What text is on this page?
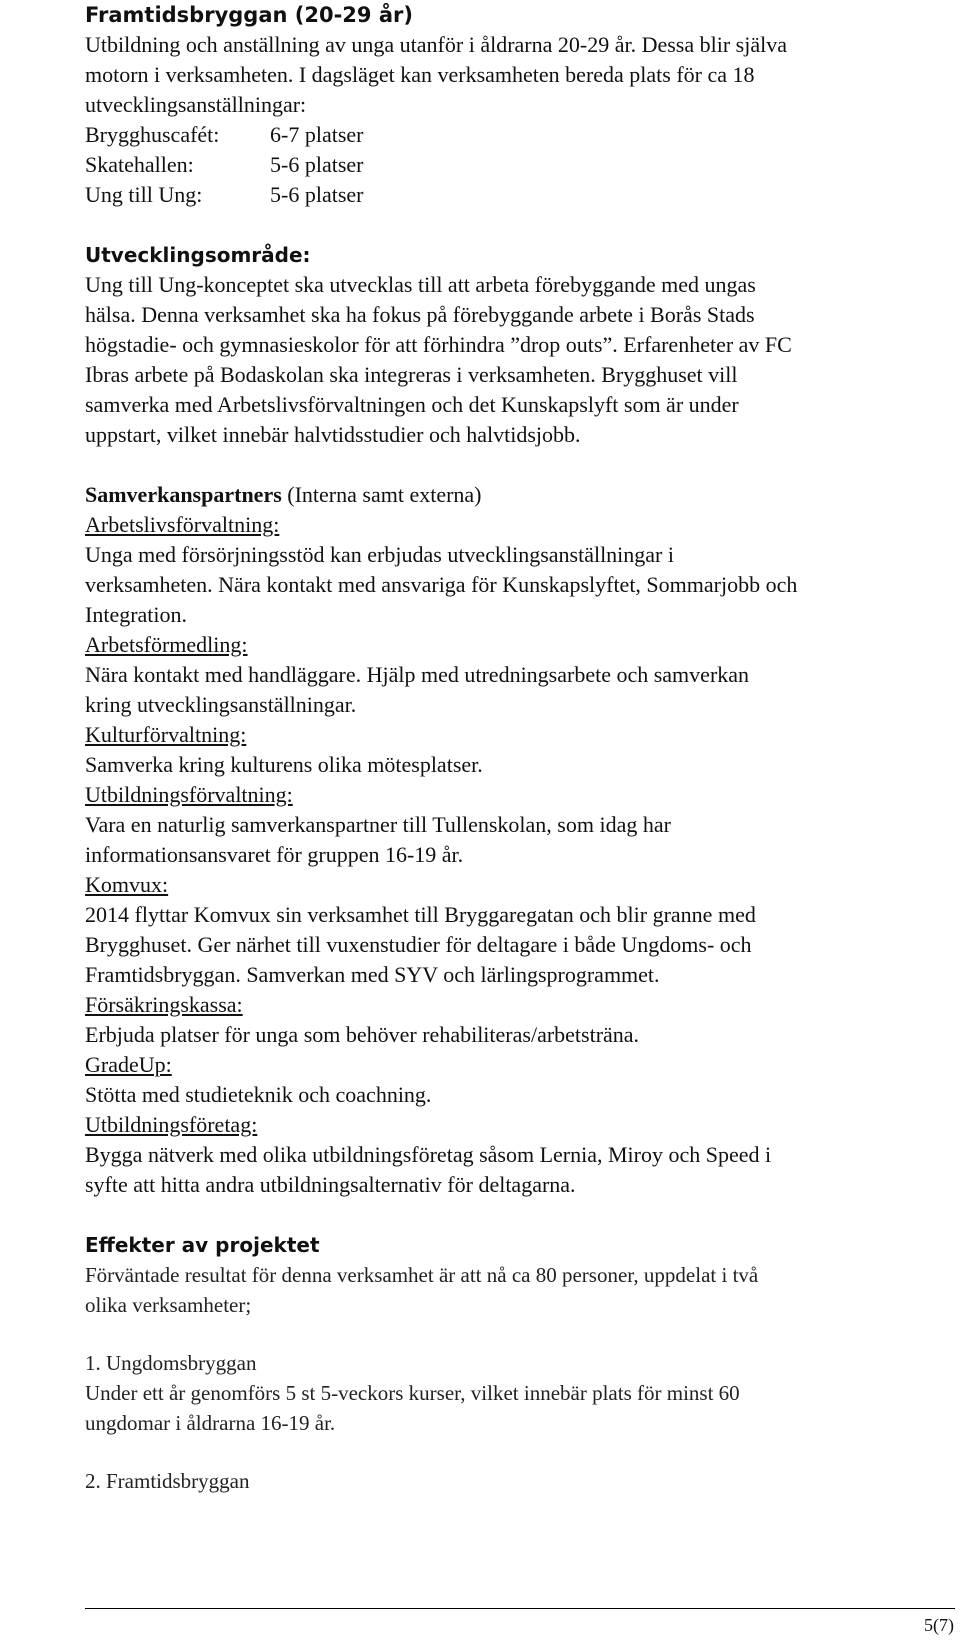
Framtidsbryggan (20-29 år)

Utbildning och anställning av unga utanför i åldrarna 20-29 år. Dessa blir själva

motorn i verksamheten. I dagsläget kan verksamheten bereda plats för ca 18

utvecklingsanställningar:

Brygghuscafét:	6-7 platser
Skatehallen:	5-6 platser
Ung till Ung:	5-6 platser

Utvecklingsområde:

Ung till Ung-konceptet ska utvecklas till att arbeta förebyggande med ungas

hälsa. Denna verksamhet ska ha fokus på förebyggande arbete i Borås Stads

högstadie- och gymnasieskolor för att förhindra ”drop outs”. Erfarenheter av FC

Ibras arbete på Bodaskolan ska integreras i verksamheten. Brygghuset vill

samverka med Arbetslivsförvaltningen och det Kunskapslyft som är under

uppstart, vilket innebär halvtidsstudier och halvtidsjobb.

Samverkanspartners (Interna samt externa)

Arbetslivsförvaltning:

Unga med försörjningsstöd kan erbjudas utvecklingsanställningar i

verksamheten. Nära kontakt med ansvariga för Kunskapslyftet, Sommarjobb och

Integration.

Arbetsförmedling:

Nära kontakt med handläggare. Hjälp med utredningsarbete och samverkan

kring utvecklingsanställningar.

Kulturförvaltning:

Samverka kring kulturens olika mötesplatser.

Utbildningsförvaltning:

Vara en naturlig samverkanspartner till Tullenskolan, som idag har

informationsansvaret för gruppen 16-19 år.

Komvux:

2014 flyttar Komvux sin verksamhet till Bryggaregatan och blir granne med

Brygghuset. Ger närhet till vuxenstudier för deltagare i både Ungdoms- och

Framtidsbryggan. Samverkan med SYV och lärlingsprogrammet.

Försäkringskassa:

Erbjuda platser för unga som behöver rehabiliteras/arbetsträna.

GradeUp:

Stötta med studieteknik och coachning.

Utbildningsföretag:

Bygga nätverk med olika utbildningsföretag såsom Lernia, Miroy och Speed i

syfte att hitta andra utbildningsalternativ för deltagarna.

Effekter av projektet

Förväntade resultat för denna verksamhet är att nå ca 80 personer, uppdelat i två

olika verksamheter;

1. Ungdomsbryggan

Under ett år genomförs 5 st 5-veckors kurser, vilket innebär plats för minst 60

ungdomar i åldrarna 16-19 år.

2. Framtidsbryggan

5(7)
